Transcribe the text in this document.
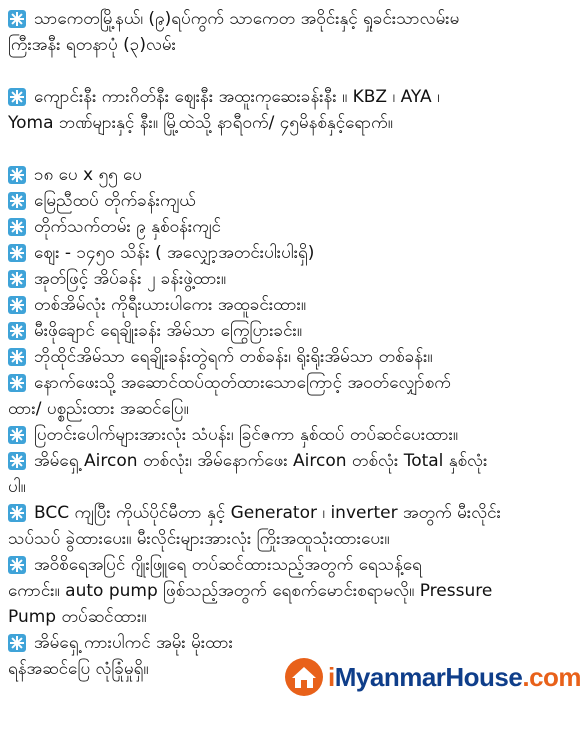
သာကေတမြို့နယ်၊ (၉)ရပ်ကွက် သာကေတ အဝိုင်းနှင့် ရှုခင်းသာလမ်းမ
ကြီးအနီး ရတနာပုံ (၃)လမ်း
ကျောင်းနီး ကားဂိတ်နီး ဈေးနီး အထူးကုဆေးခန်းနီး ။ KBZ ၊ AYA ၊
Yoma ဘဏ်များနှင့် နီး။ မြို့ထဲသို့ နာရီဝက်/ ၄၅မိနစ်နှင့်ရောက်။
၁၈ ပေ x ၅၅ ပေ
မြေညီထပ် တိုက်ခန်းကျယ်
တိုက်သက်တမ်း ၉ နှစ်ဝန်းကျင်
ဈေး - ၁၄၅၀ သိန်း ( အလျှော့အတင်းပါးပါးရှိ)
အုတ်ဖြင့် အိပ်ခန်း ၂ ခန်းဖွဲ့ထား။
တစ်အိမ်လုံး ကိုရီးယားပါကေး အထူခင်းထား။
မီးဖိုချောင် ရေချိုးခန်း အိမ်သာ ကြွေပြားခင်း။
ဘိုထိုင်အိမ်သာ ရေချိုးခန်းတွဲရက် တစ်ခန်း၊ ရိုးရိုးအိမ်သာ တစ်ခန်း။
နောက်ဖေးသို့ အဆောင်ထပ်ထုတ်ထားသောကြောင့် အဝတ်လျှော်စက်
ထား/ ပစ္စည်းထား အဆင်ပြေ။
ပြတင်းပေါက်များအားလုံး သံပန်း၊ ခြင်ဇကာ နှစ်ထပ် တပ်ဆင်ပေးထား။
အိမ်ရှေ့ Aircon တစ်လုံး၊ အိမ်နောက်ဖေး Aircon တစ်လုံး Total နှစ်လုံး
ပါ။
BCC ကျပြီး ကိုယ်ပိုင်မီတာ နှင့် Generator ၊ inverter အတွက် မီးလိုင်း
သပ်သပ် ခွဲထားပေး။ မီးလိုင်းများအားလုံး ကြိုးအထူသုံးထားပေး။
အဝိစိရေအပြင် ဂျိုးဖြူရေ တပ်ဆင်ထားသည့်အတွက် ရေသန့်ရေ
ကောင်း။ auto pump ဖြစ်သည့်အတွက် ရေစက်မောင်းစရာမလို။ Pressure
Pump တပ်ဆင်ထား။
အိမ်ရှေ့ ကားပါကင် အမိုး မိုးထား
ရန်အဆင်ပြေ လုံခြုံမှုရှိ။	iMyanmarHouse.com
